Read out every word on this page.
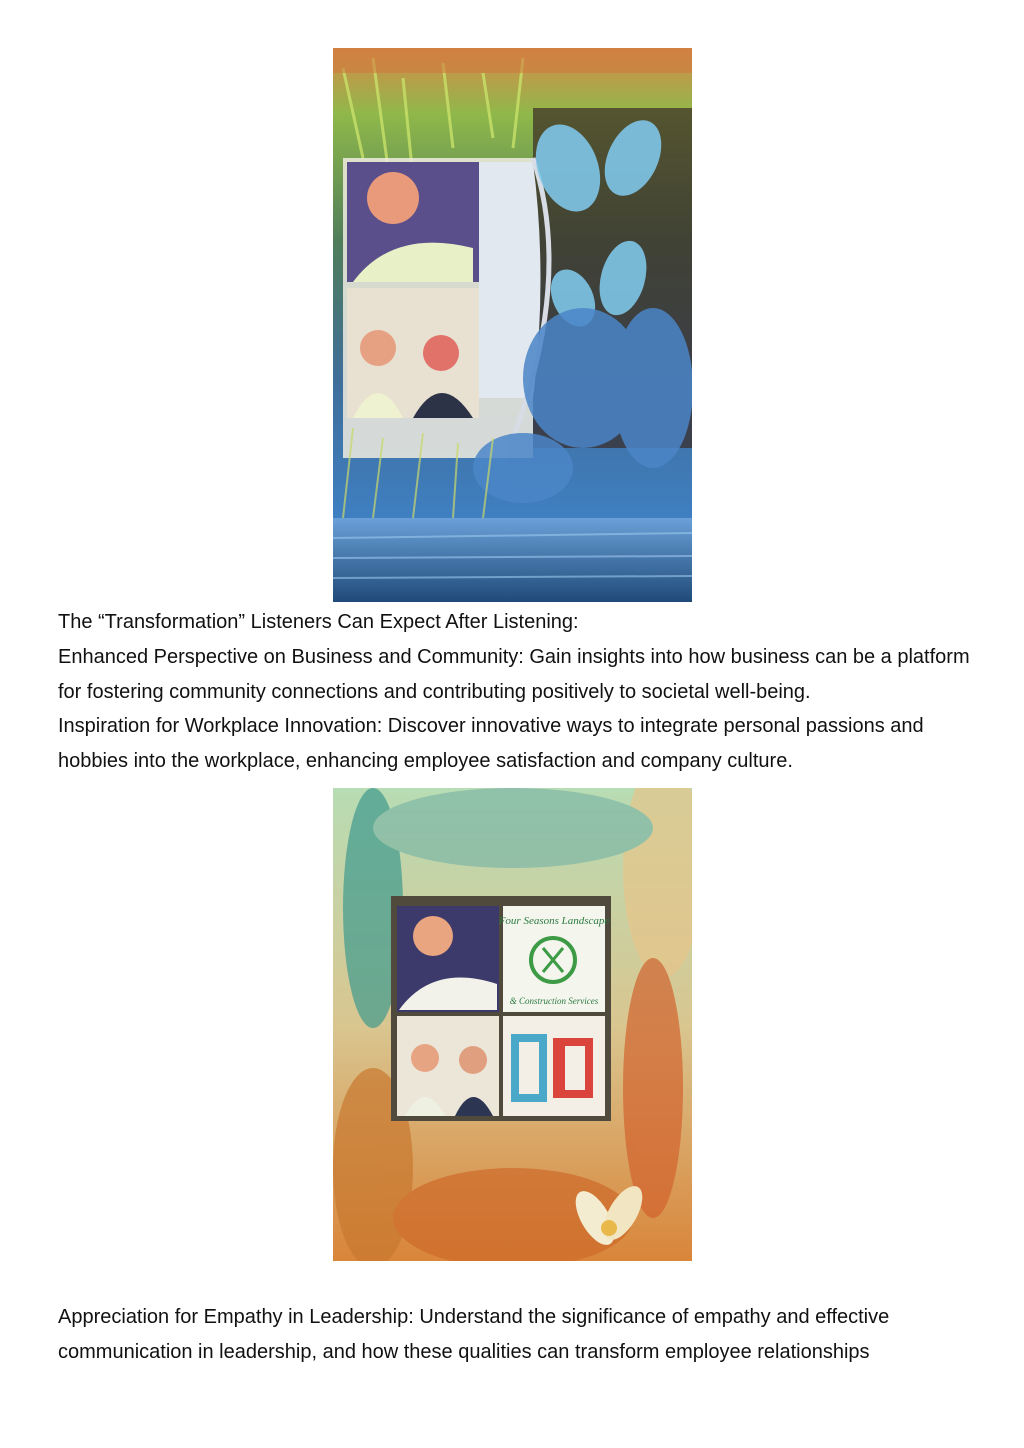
The “Transformation” Listeners Can Expect After Listening:

Enhanced Perspective on Business and Community: Gain insights into how business can be a platform for fostering community connections and contributing positively to societal well-being.

Inspiration for Workplace Innovation: Discover innovative ways to integrate personal passions and hobbies into the workplace, enhancing employee satisfaction and company culture.

Four Seasons Landscape
& Construction Services

Appreciation for Empathy in Leadership: Understand the significance of empathy and effective communication in leadership, and how these qualities can transform employee relationships
